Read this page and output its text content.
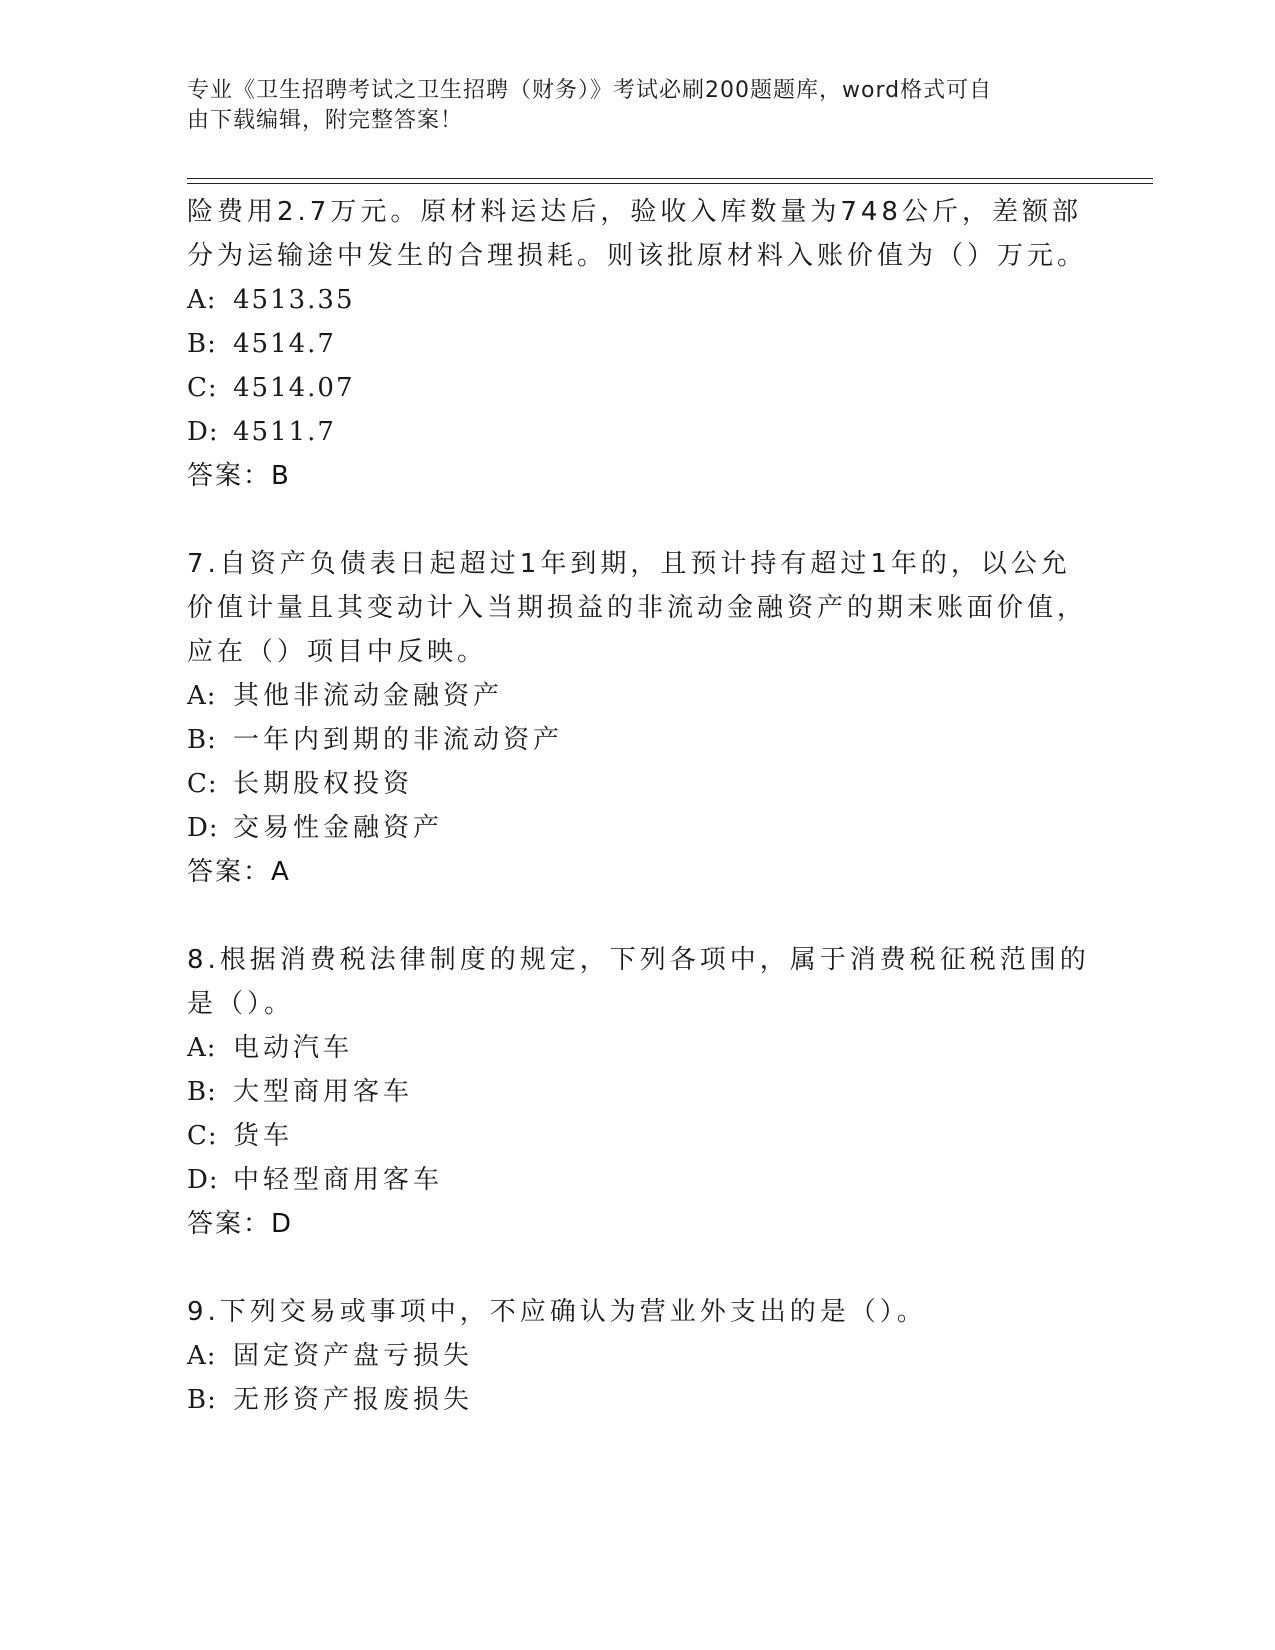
专业《卫生招聘考试之卫生招聘（财务）》考试必刷200题题库，word格式可自
由下载编辑，附完整答案！
险费用2.7万元。原材料运达后，验收入库数量为748公斤，差额部
分为运输途中发生的合理损耗。则该批原材料入账价值为（）万元。
A: 4513.35
B: 4514.7
C: 4514.07
D: 4511.7
答案：B
7.自资产负债表日起超过1年到期，且预计持有超过1年的，以公允
价值计量且其变动计入当期损益的非流动金融资产的期末账面价值，
应在（）项目中反映。
A: 其他非流动金融资产
B: 一年内到期的非流动资产
C: 长期股权投资
D: 交易性金融资产
答案：A
8.根据消费税法律制度的规定，下列各项中，属于消费税征税范围的
是（）。
A: 电动汽车
B: 大型商用客车
C: 货车
D: 中轻型商用客车
答案：D
9.下列交易或事项中，不应确认为营业外支出的是（）。
A: 固定资产盘亏损失
B: 无形资产报废损失
